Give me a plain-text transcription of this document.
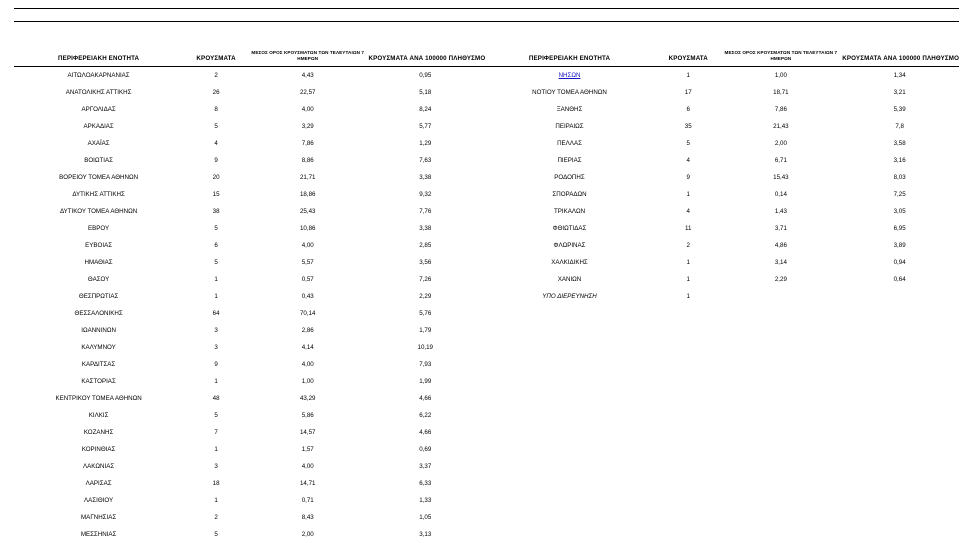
ΠΕΡΙΦΕΡΕΙΑΚΗ ΕΝΟΤΗΤΑ	ΚΡΟΥΣΜΑΤΑ	ΜΕΣΟΣ ΟΡΟΣ ΚΡΟΥΣΜΑΤΩΝ ΤΩΝ ΤΕΛΕΥΤΑΙΩΝ 7 ΗΜΕΡΩΝ	ΚΡΟΥΣΜΑΤΑ ΑΝΑ 100000 ΠΛΗΘΥΣΜΟ
ΑΙΤΩΛΟΑΚΑΡΝΑΝΙΑΣ	2	4,43	0,95
ΑΝΑΤΟΛΙΚΗΣ ΑΤΤΙΚΗΣ	26	22,57	5,18
ΑΡΓΟΛΙΔΑΣ	8	4,00	8,24
ΑΡΚΑΔΙΑΣ	5	3,29	5,77
ΑΧΑΪΑΣ	4	7,86	1,29
ΒΟΙΩΤΙΑΣ	9	8,86	7,63
ΒΟΡΕΙΟΥ ΤΟΜΕΑ ΑΘΗΝΩΝ	20	21,71	3,38
ΔΥΤΙΚΗΣ ΑΤΤΙΚΗΣ	15	18,86	9,32
ΔΥΤΙΚΟΥ ΤΟΜΕΑ ΑΘΗΝΩΝ	38	25,43	7,76
ΕΒΡΟΥ	5	10,86	3,38
ΕΥΒΟΙΑΣ	6	4,00	2,85
ΗΜΑΘΙΑΣ	5	5,57	3,56
ΘΑΣΟΥ	1	0,57	7,26
ΘΕΣΠΡΩΤΙΑΣ	1	0,43	2,29
ΘΕΣΣΑΛΟΝΙΚΗΣ	64	70,14	5,76
ΙΩΑΝΝΙΝΩΝ	3	2,86	1,79
ΚΑΛΥΜΝΟΥ	3	4,14	10,19
ΚΑΡΔΙΤΣΑΣ	9	4,00	7,93
ΚΑΣΤΟΡΙΑΣ	1	1,00	1,99
ΚΕΝΤΡΙΚΟΥ ΤΟΜΕΑ ΑΘΗΝΩΝ	48	43,29	4,66
ΚΙΛΚΙΣ	5	5,86	6,22
ΚΟΖΑΝΗΣ	7	14,57	4,66
ΚΟΡΙΝΘΙΑΣ	1	1,57	0,69
ΛΑΚΩΝΙΑΣ	3	4,00	3,37
ΛΑΡΙΣΑΣ	18	14,71	6,33
ΛΑΣΙΘΙΟΥ	1	0,71	1,33
ΜΑΓΝΗΣΙΑΣ	2	8,43	1,05
ΜΕΣΣΗΝΙΑΣ	5	2,00	3,13
ΠΕΡΙΦΕΡΕΙΑΚΗ ΕΝΟΤΗΤΑ	ΚΡΟΥΣΜΑΤΑ	ΜΕΣΟΣ ΟΡΟΣ ΚΡΟΥΣΜΑΤΩΝ ΤΩΝ ΤΕΛΕΥΤΑΙΩΝ 7 ΗΜΕΡΩΝ	ΚΡΟΥΣΜΑΤΑ ΑΝΑ 100000 ΠΛΗΘΥΣΜΟ
ΝΗΣΩΝ	1	1,00	1,34
ΝΟΤΙΟΥ ΤΟΜΕΑ ΑΘΗΝΩΝ	17	18,71	3,21
ΞΑΝΘΗΣ	6	7,86	5,39
ΠΕΙΡΑΙΩΣ	35	21,43	7,8
ΠΕΛΛΑΣ	5	2,00	3,58
ΠΙΕΡΙΑΣ	4	6,71	3,16
ΡΟΔΟΠΗΣ	9	15,43	8,03
ΣΠΟΡΑΔΩΝ	1	0,14	7,25
ΤΡΙΚΑΛΩΝ	4	1,43	3,05
ΦΘΙΩΤΙΔΑΣ	11	3,71	6,95
ΦΛΩΡΙΝΑΣ	2	4,86	3,89
ΧΑΛΚΙΔΙΚΗΣ	1	3,14	0,94
ΧΑΝΙΩΝ	1	2,29	0,64
ΥΠΟ ΔΙΕΡΕΥΝΗΣΗ	1		
